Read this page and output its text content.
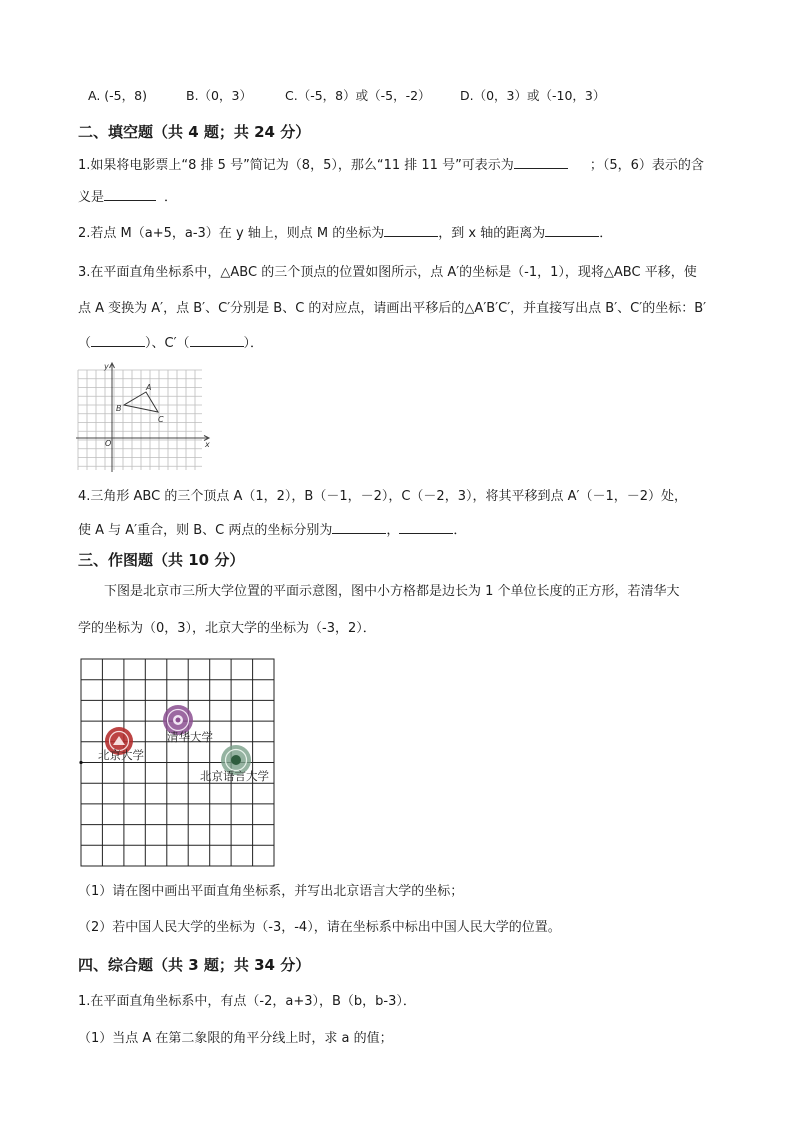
A. (-5，8)	B.（0，3）	C.（-5，8）或（-5，-2） D.（0，3）或（-10，3）
二、填空题（共 4 题；共 24 分）
1.如果将电影票上“8 排 5 号”简记为（8，5），那么“11 排 11 号”可表示为	；（5，6）表示的含
义是	．
2.若点 M（a+5，a-3）在 y 轴上，则点 M 的坐标为	，到 x 轴的距离为	．
3.在平面直角坐标系中，△ABC 的三个顶点的位置如图所示，点 A′的坐标是（-1，1），现将△ABC 平移，使
点 A 变换为 A′，点 B′、C′分别是 B、C 的对应点，请画出平移后的△A′B′C′，并直接写出点 B′、C′的坐标：B′
（	）、C′（	）．
y
x
O
A
B
C
4.三角形 ABC 的三个顶点 A（1，2），B（－1，－2），C（－2，3），将其平移到点 A′（－1，－2）处，
使 A 与 A′重合，则 B、C 两点的坐标分别为	，	．
三、作图题（共 10 分）
下图是北京市三所大学位置的平面示意图，图中小方格都是边长为 1 个单位长度的正方形，若清华大
学的坐标为（0，3），北京大学的坐标为（-3，2）．
清华大学
北京大学
北京语言大学
（1）请在图中画出平面直角坐标系，并写出北京语言大学的坐标；
（2）若中国人民大学的坐标为（-3，-4），请在坐标系中标出中国人民大学的位置。
四、综合题（共 3 题；共 34 分）
1.在平面直角坐标系中，有点（-2，a+3），B（b，b-3）．
（1）当点 A 在第二象限的角平分线上时，求 a 的值；
